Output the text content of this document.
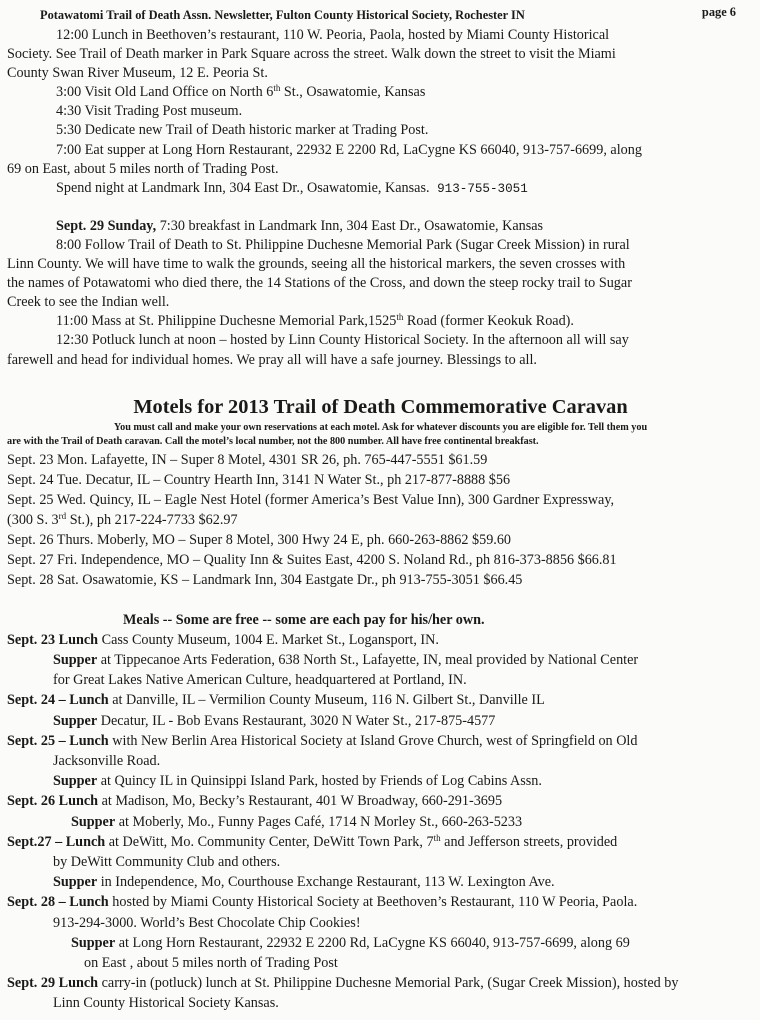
Potawatomi Trail of Death Assn. Newsletter, Fulton County Historical Society, Rochester IN	page 6
12:00 Lunch in Beethoven’s restaurant, 110 W. Peoria, Paola, hosted by Miami County Historical
Society. See Trail of Death marker in Park Square across the street. Walk down the street to visit the Miami
County Swan River Museum, 12 E. Peoria St.
3:00 Visit Old Land Office on North 6th St., Osawatomie, Kansas
4:30 Visit Trading Post museum.
5:30 Dedicate new Trail of Death historic marker at Trading Post.
7:00 Eat supper at Long Horn Restaurant, 22932 E 2200 Rd, LaCygne KS 66040, 913-757-6699, along
69 on East, about 5 miles north of Trading Post.
Spend night at Landmark Inn, 304 East Dr., Osawatomie, Kansas. 913-755-3051
Sept. 29 Sunday, 7:30 breakfast in Landmark Inn, 304 East Dr., Osawatomie, Kansas
8:00 Follow Trail of Death to St. Philippine Duchesne Memorial Park (Sugar Creek Mission) in rural
Linn County. We will have time to walk the grounds, seeing all the historical markers, the seven crosses with
the names of Potawatomi who died there, the 14 Stations of the Cross, and down the steep rocky trail to Sugar
Creek to see the Indian well.
11:00 Mass at St. Philippine Duchesne Memorial Park,1525th Road (former Keokuk Road).
12:30 Potluck lunch at noon – hosted by Linn County Historical Society. In the afternoon all will say
farewell and head for individual homes. We pray all will have a safe journey. Blessings to all.
Motels for 2013 Trail of Death Commemorative Caravan
You must call and make your own reservations at each motel. Ask for whatever discounts you are eligible for. Tell them you
are with the Trail of Death caravan. Call the motel’s local number, not the 800 number. All have free continental breakfast.
Sept. 23 Mon. Lafayette, IN – Super 8 Motel, 4301 SR 26, ph. 765-447-5551 $61.59
Sept. 24 Tue. Decatur, IL – Country Hearth Inn, 3141 N Water St., ph 217-877-8888 $56
Sept. 25 Wed. Quincy, IL – Eagle Nest Hotel (former America’s Best Value Inn), 300 Gardner Expressway,
(300 S. 3rd St.), ph 217-224-7733 $62.97
Sept. 26 Thurs. Moberly, MO – Super 8 Motel, 300 Hwy 24 E, ph. 660-263-8862 $59.60
Sept. 27 Fri. Independence, MO – Quality Inn & Suites East, 4200 S. Noland Rd., ph 816-373-8856 $66.81
Sept. 28 Sat. Osawatomie, KS – Landmark Inn, 304 Eastgate Dr., ph 913-755-3051 $66.45
Meals -- Some are free -- some are each pay for his/her own.
Sept. 23 Lunch Cass County Museum, 1004 E. Market St., Logansport, IN.
Supper at Tippecanoe Arts Federation, 638 North St., Lafayette, IN, meal provided by National Center
for Great Lakes Native American Culture, headquartered at Portland, IN.
Sept. 24 – Lunch at Danville, IL – Vermilion County Museum, 116 N. Gilbert St., Danville IL
Supper Decatur, IL - Bob Evans Restaurant, 3020 N Water St., 217-875-4577
Sept. 25 – Lunch with New Berlin Area Historical Society at Island Grove Church, west of Springfield on Old
Jacksonville Road.
Supper at Quincy IL in Quinsippi Island Park, hosted by Friends of Log Cabins Assn.
Sept. 26 Lunch at Madison, Mo, Becky’s Restaurant, 401 W Broadway, 660-291-3695
Supper at Moberly, Mo., Funny Pages Café, 1714 N Morley St., 660-263-5233
Sept.27 – Lunch at DeWitt, Mo. Community Center, DeWitt Town Park, 7th and Jefferson streets, provided
by DeWitt Community Club and others.
Supper in Independence, Mo, Courthouse Exchange Restaurant, 113 W. Lexington Ave.
Sept. 28 – Lunch hosted by Miami County Historical Society at Beethoven’s Restaurant, 110 W Peoria, Paola.
913-294-3000. World’s Best Chocolate Chip Cookies!
Supper at Long Horn Restaurant, 22932 E 2200 Rd, LaCygne KS 66040, 913-757-6699, along 69
on East , about 5 miles north of Trading Post
Sept. 29 Lunch carry-in (potluck) lunch at St. Philippine Duchesne Memorial Park, (Sugar Creek Mission), hosted by
Linn County Historical Society Kansas.
